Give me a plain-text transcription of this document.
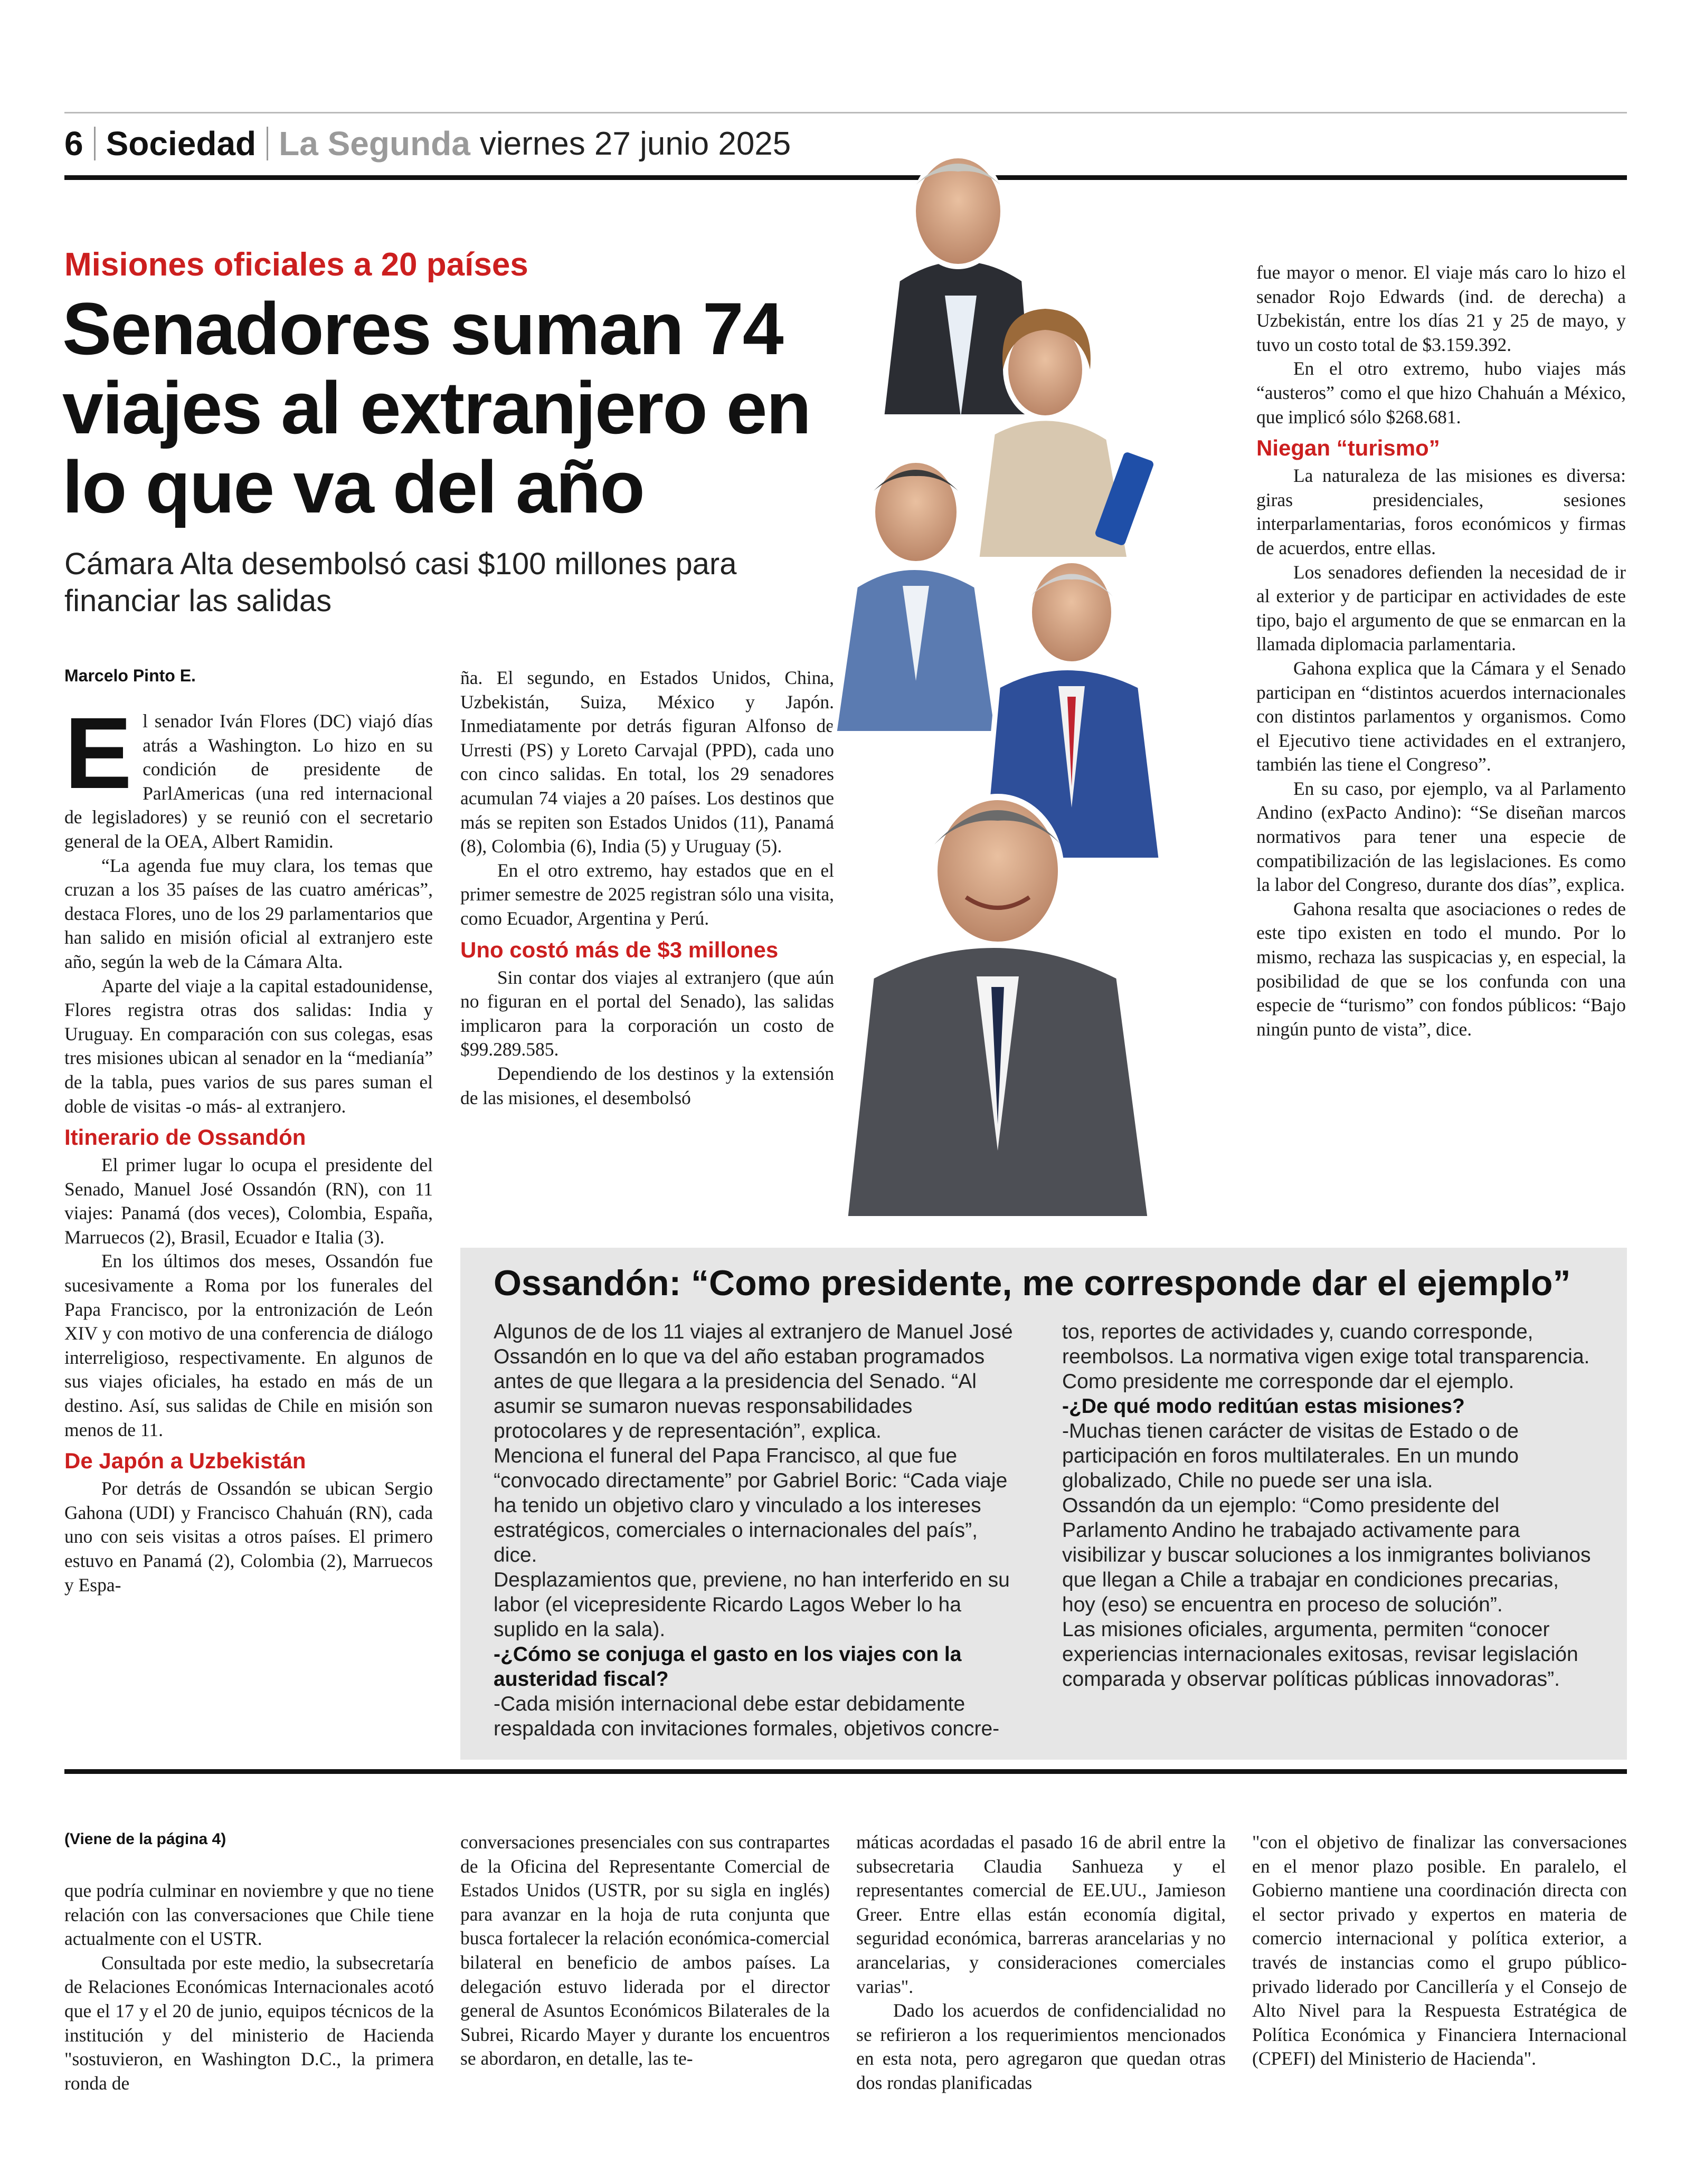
6 Sociedad La Segunda viernes 27 junio 2025
Misiones oficiales a 20 países
Senadores suman 74 viajes al extranjero en lo que va del año
Cámara Alta desembolsó casi $100 millones para financiar las salidas
Marcelo Pinto E.

El senador Iván Flores (DC) viajó días atrás a Washington. Lo hizo en su condición de presidente de ParlAmericas (una red internacional de legisladores) y se reunió con el secretario general de la OEA, Albert Ramidin.

“La agenda fue muy clara, los temas que cruzan a los 35 países de las cuatro américas”, destaca Flores, uno de los 29 parlamentarios que han salido en misión oficial al extranjero este año, según la web de la Cámara Alta.

Aparte del viaje a la capital estadounidense, Flores registra otras dos salidas: India y Uruguay. En comparación con sus colegas, esas tres misiones ubican al senador en la “medianía” de la tabla, pues varios de sus pares suman el doble de visitas -o más- al extranjero.

Itinerario de Ossandón

El primer lugar lo ocupa el presidente del Senado, Manuel José Ossandón (RN), con 11 viajes: Panamá (dos veces), Colombia, España, Marruecos (2), Brasil, Ecuador e Italia (3).

En los últimos dos meses, Ossandón fue sucesivamente a Roma por los funerales del Papa Francisco, por la entronización de León XIV y con motivo de una conferencia de diálogo interreligioso, respectivamente. En algunos de sus viajes oficiales, ha estado en más de un destino. Así, sus salidas de Chile en misión son menos de 11.

De Japón a Uzbekistán

Por detrás de Ossandón se ubican Sergio Gahona (UDI) y Francisco Chahuán (RN), cada uno con seis visitas a otros países. El primero estuvo en Panamá (2), Colombia (2), Marruecos y Espa-

ña. El segundo, en Estados Unidos, China, Uzbekistán, Suiza, México y Japón. Inmediatamente por detrás figuran Alfonso de Urresti (PS) y Loreto Carvajal (PPD), cada uno con cinco salidas. En total, los 29 senadores acumulan 74 viajes a 20 países. Los destinos que más se repiten son Estados Unidos (11), Panamá (8), Colombia (6), India (5) y Uruguay (5).

En el otro extremo, hay estados que en el primer semestre de 2025 registran sólo una visita, como Ecuador, Argentina y Perú.

Uno costó más de $3 millones

Sin contar dos viajes al extranjero (que aún no figuran en el portal del Senado), las salidas implicaron para la corporación un costo de $99.289.585.

Dependiendo de los destinos y la extensión de las misiones, el desembolsó

fue mayor o menor. El viaje más caro lo hizo el senador Rojo Edwards (ind. de derecha) a Uzbekistán, entre los días 21 y 25 de mayo, y tuvo un costo total de $3.159.392.

En el otro extremo, hubo viajes más “austeros” como el que hizo Chahuán a México, que implicó sólo $268.681.

Niegan “turismo”

La naturaleza de las misiones es diversa: giras presidenciales, sesiones interparlamentarias, foros económicos y firmas de acuerdos, entre ellas.

Los senadores defienden la necesidad de ir al exterior y de participar en actividades de este tipo, bajo el argumento de que se enmarcan en la llamada diplomacia parlamentaria.

Gahona explica que la Cámara y el Senado participan en “distintos acuerdos internacionales con distintos parlamentos y organismos. Como el Ejecutivo tiene actividades en el extranjero, también las tiene el Congreso”.

En su caso, por ejemplo, va al Parlamento Andino (exPacto Andino): “Se diseñan marcos normativos para tener una especie de compatibilización de las legislaciones. Es como la labor del Congreso, durante dos días”, explica.

Gahona resalta que asociaciones o redes de este tipo existen en todo el mundo. Por lo mismo, rechaza las suspicacias y, en especial, la posibilidad de que se los confunda con una especie de “turismo” con fondos públicos: “Bajo ningún punto de vista”, dice.

Ossandón: “Como presidente, me corresponde dar el ejemplo”

Algunos de de los 11 viajes al extranjero de Manuel José Ossandón en lo que va del año estaban programados antes de que llegara a la presidencia del Senado. “Al asumir se sumaron nuevas responsabilidades protocolares y de representación”, explica.

Menciona el funeral del Papa Francisco, al que fue “convocado directamente” por Gabriel Boric: “Cada viaje ha tenido un objetivo claro y vinculado a los intereses estratégicos, comerciales o internacionales del país”, dice.

Desplazamientos que, previene, no han interferido en su labor (el vicepresidente Ricardo Lagos Weber lo ha suplido en la sala).

-¿Cómo se conjuga el gasto en los viajes con la austeridad fiscal?

-Cada misión internacional debe estar debidamente respaldada con invitaciones formales, objetivos concre-

tos, reportes de actividades y, cuando corresponde, reembolsos. La normativa vigen exige total transparencia. Como presidente me corresponde dar el ejemplo.

-¿De qué modo reditúan estas misiones?

-Muchas tienen carácter de visitas de Estado o de participación en foros multilaterales. En un mundo globalizado, Chile no puede ser una isla.

Ossandón da un ejemplo: “Como presidente del Parlamento Andino he trabajado activamente para visibilizar y buscar soluciones a los inmigrantes bolivianos que llegan a Chile a trabajar en condiciones precarias, hoy (eso) se encuentra en proceso de solución”.

Las misiones oficiales, argumenta, permiten “conocer experiencias internacionales exitosas, revisar legislación comparada y observar políticas públicas innovadoras”.

(Viene de la página 4)

que podría culminar en noviembre y que no tiene relación con las conversaciones que Chile tiene actualmente con el USTR.

Consultada por este medio, la subsecretaría de Relaciones Económicas Internacionales acotó que el 17 y el 20 de junio, equipos técnicos de la institución y del ministerio de Hacienda "sostuvieron, en Washington D.C., la primera ronda de

conversaciones presenciales con sus contrapartes de la Oficina del Representante Comercial de Estados Unidos (USTR, por su sigla en inglés) para avanzar en la hoja de ruta conjunta que busca fortalecer la relación económica-comercial bilateral en beneficio de ambos países. La delegación estuvo liderada por el director general de Asuntos Económicos Bilaterales de la Subrei, Ricardo Mayer y durante los encuentros se abordaron, en detalle, las te-

máticas acordadas el pasado 16 de abril entre la subsecretaria Claudia Sanhueza y el representantes comercial de EE.UU., Jamieson Greer. Entre ellas están economía digital, seguridad económica, barreras arancelarias y no arancelarias, y consideraciones comerciales varias".

Dado los acuerdos de confidencialidad no se refirieron a los requerimientos mencionados en esta nota, pero agregaron que quedan otras dos rondas planificadas

"con el objetivo de finalizar las conversaciones en el menor plazo posible. En paralelo, el Gobierno mantiene una coordinación directa con el sector privado y expertos en materia de comercio internacional y política exterior, a través de instancias como el grupo público-privado liderado por Cancillería y el Consejo de Alto Nivel para la Respuesta Estratégica de Política Económica y Financiera Internacional (CPEFI) del Ministerio de Hacienda".
